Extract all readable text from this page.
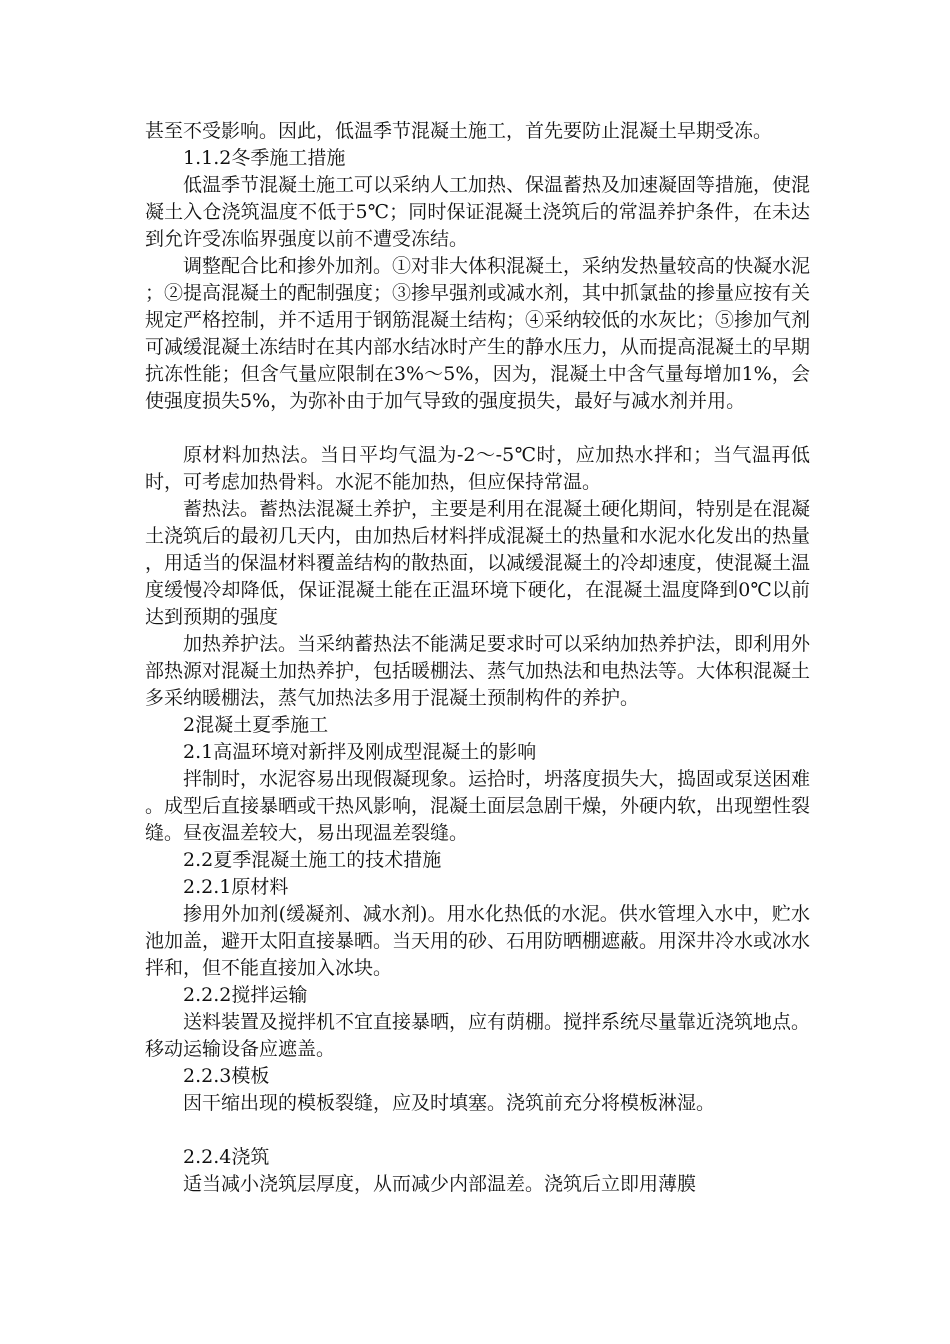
甚至不受影响。因此，低温季节混凝土施工，首先要防止混凝土早期受冻。

1.1.2冬季施工措施

低温季节混凝土施工可以采纳人工加热、保温蓄热及加速凝固等措施，使混凝土入仓浇筑温度不低于5℃；同时保证混凝土浇筑后的常温养护条件，在未达到允许受冻临界强度以前不遭受冻结。

调整配合比和掺外加剂。①对非大体积混凝土，采纳发热量较高的快凝水泥；②提高混凝土的配制强度；③掺早强剂或减水剂，其中抓氯盐的掺量应按有关规定严格控制，并不适用于钢筋混凝土结构；④采纳较低的水灰比；⑤掺加气剂可减缓混凝土冻结时在其内部水结冰时产生的静水压力，从而提高混凝土的早期抗冻性能；但含气量应限制在3%～5%，因为，混凝土中含气量每增加1%，会使强度损失5%，为弥补由于加气导致的强度损失，最好与减水剂并用。

原材料加热法。当日平均气温为-2～-5℃时，应加热水拌和；当气温再低时，可考虑加热骨料。水泥不能加热，但应保持常温。

蓄热法。蓄热法混凝土养护，主要是利用在混凝土硬化期间，特别是在混凝土浇筑后的最初几天内，由加热后材料拌成混凝土的热量和水泥水化发出的热量，用适当的保温材料覆盖结构的散热面，以减缓混凝土的冷却速度，使混凝土温度缓慢冷却降低，保证混凝土能在正温环境下硬化，在混凝土温度降到0℃以前达到预期的强度

加热养护法。当采纳蓄热法不能满足要求时可以采纳加热养护法，即利用外部热源对混凝土加热养护，包括暖棚法、蒸气加热法和电热法等。大体积混凝土多采纳暖棚法，蒸气加热法多用于混凝土预制构件的养护。

2混凝土夏季施工

2.1高温环境对新拌及刚成型混凝土的影响

拌制时，水泥容易出现假凝现象。运拾时，坍落度损失大，捣固或泵送困难。成型后直接暴晒或干热风影响，混凝土面层急剧干燥，外硬内软，出现塑性裂缝。昼夜温差较大，易出现温差裂缝。

2.2夏季混凝土施工的技术措施

2.2.1原材料

掺用外加剂(缓凝剂、减水剂)。用水化热低的水泥。供水管埋入水中，贮水池加盖，避开太阳直接暴晒。当天用的砂、石用防晒棚遮蔽。用深井冷水或冰水拌和，但不能直接加入冰块。

2.2.2搅拌运输

送料装置及搅拌机不宜直接暴晒，应有荫棚。搅拌系统尽量靠近浇筑地点。移动运输设备应遮盖。

2.2.3模板

因干缩出现的模板裂缝，应及时填塞。浇筑前充分将模板淋湿。

2.2.4浇筑

适当减小浇筑层厚度，从而减少内部温差。浇筑后立即用薄膜
